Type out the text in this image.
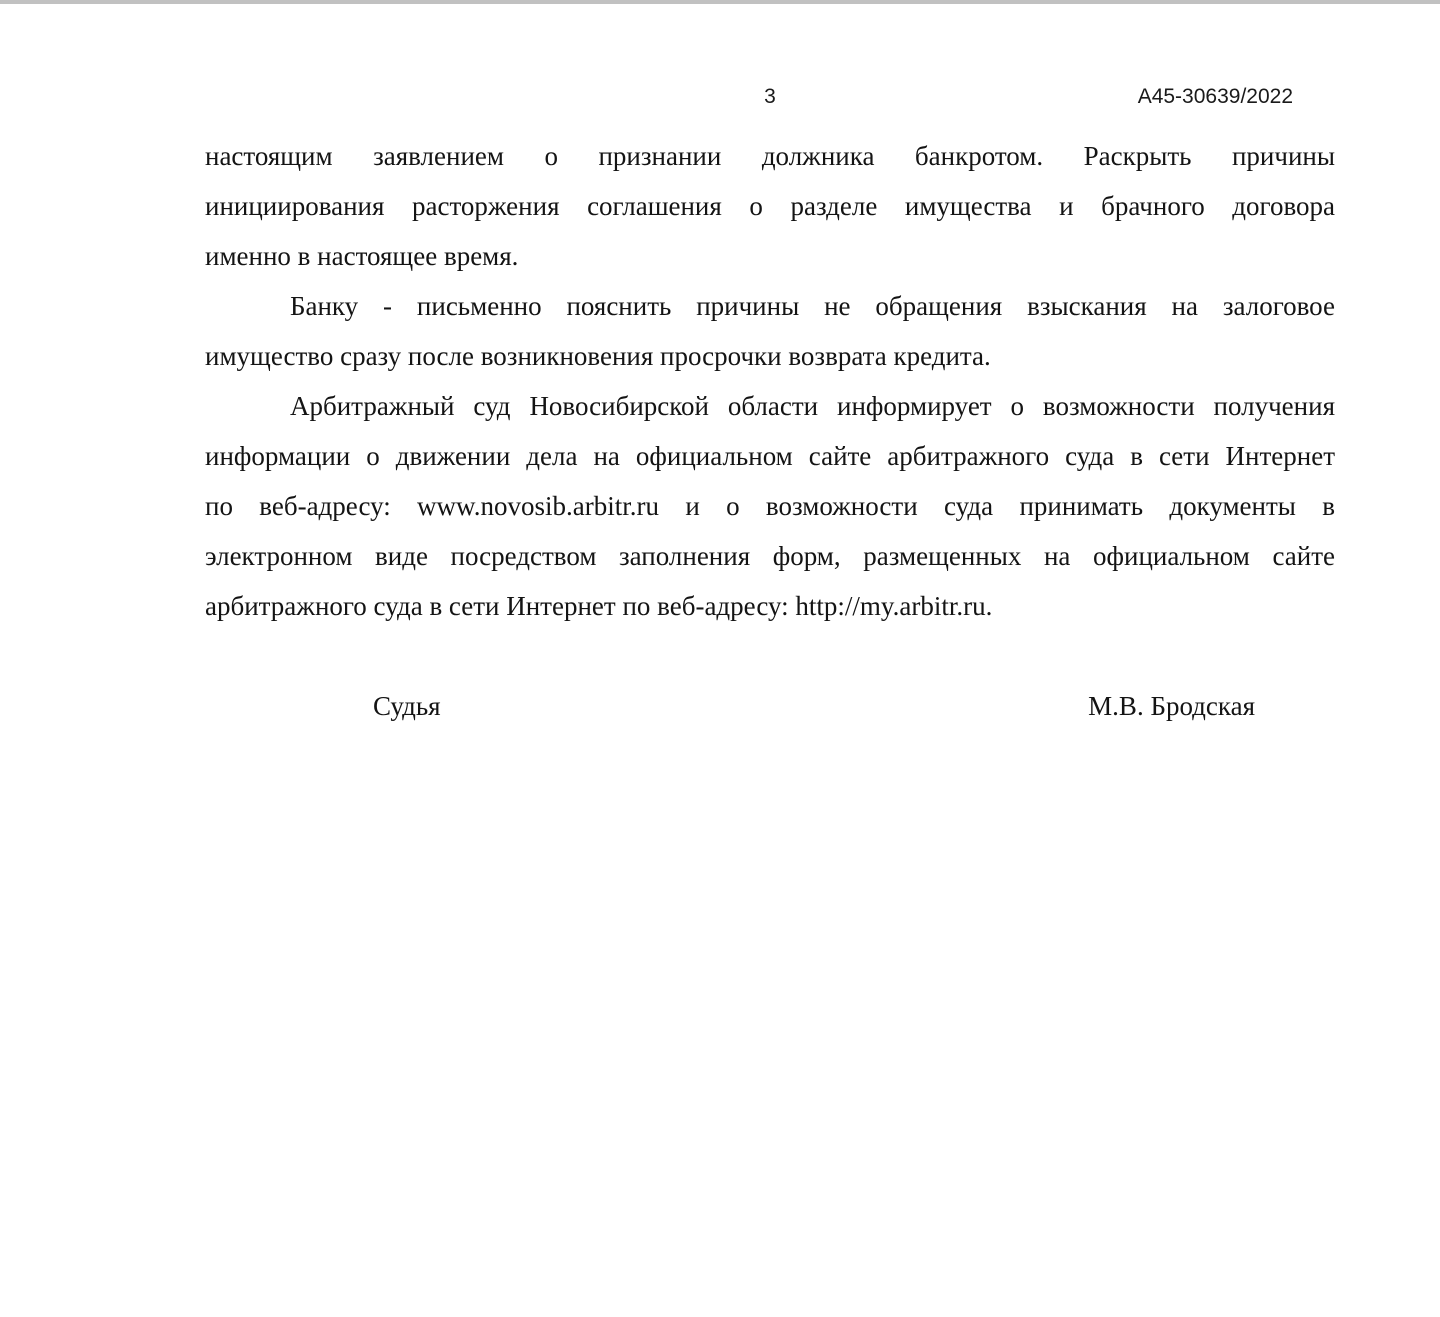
3	А45-30639/2022
настоящим заявлением о признании должника банкротом. Раскрыть причины
инициирования расторжения соглашения о разделе имущества и брачного договора
именно в настоящее время.
Банку - письменно пояснить причины не обращения взыскания на залоговое
имущество сразу после возникновения просрочки возврата кредита.
Арбитражный суд Новосибирской области информирует о возможности получения
информации о движении дела на официальном сайте арбитражного суда в сети Интернет
по веб-адресу: www.novosib.arbitr.ru и о возможности суда принимать документы в
электронном виде посредством заполнения форм, размещенных на официальном сайте
арбитражного суда в сети Интернет по веб-адресу: http://my.arbitr.ru.
Судья	М.В. Бродская
